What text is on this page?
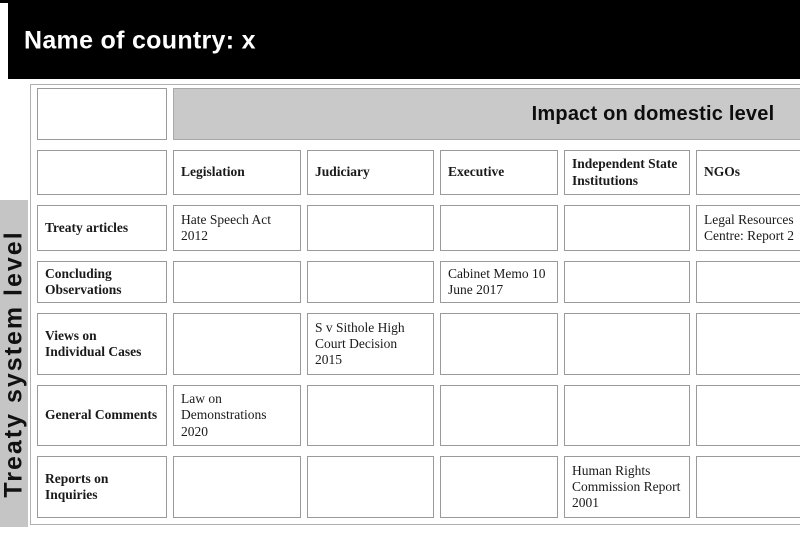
Name of country: x
Treaty system level
Impact on domestic level
Legislation	Judiciary	Executive
Independent State Institutions
NGOs
Treaty articles
Hate Speech Act 2012
Legal Resources Centre: Report 2
Concluding Observations
Cabinet Memo 10 June 2017
Views on Individual Cases
S v Sithole High Court Decision 2015
General Comments
Law on Demonstrations 2020
Reports on Inquiries
Human Rights Commission Report 2001
